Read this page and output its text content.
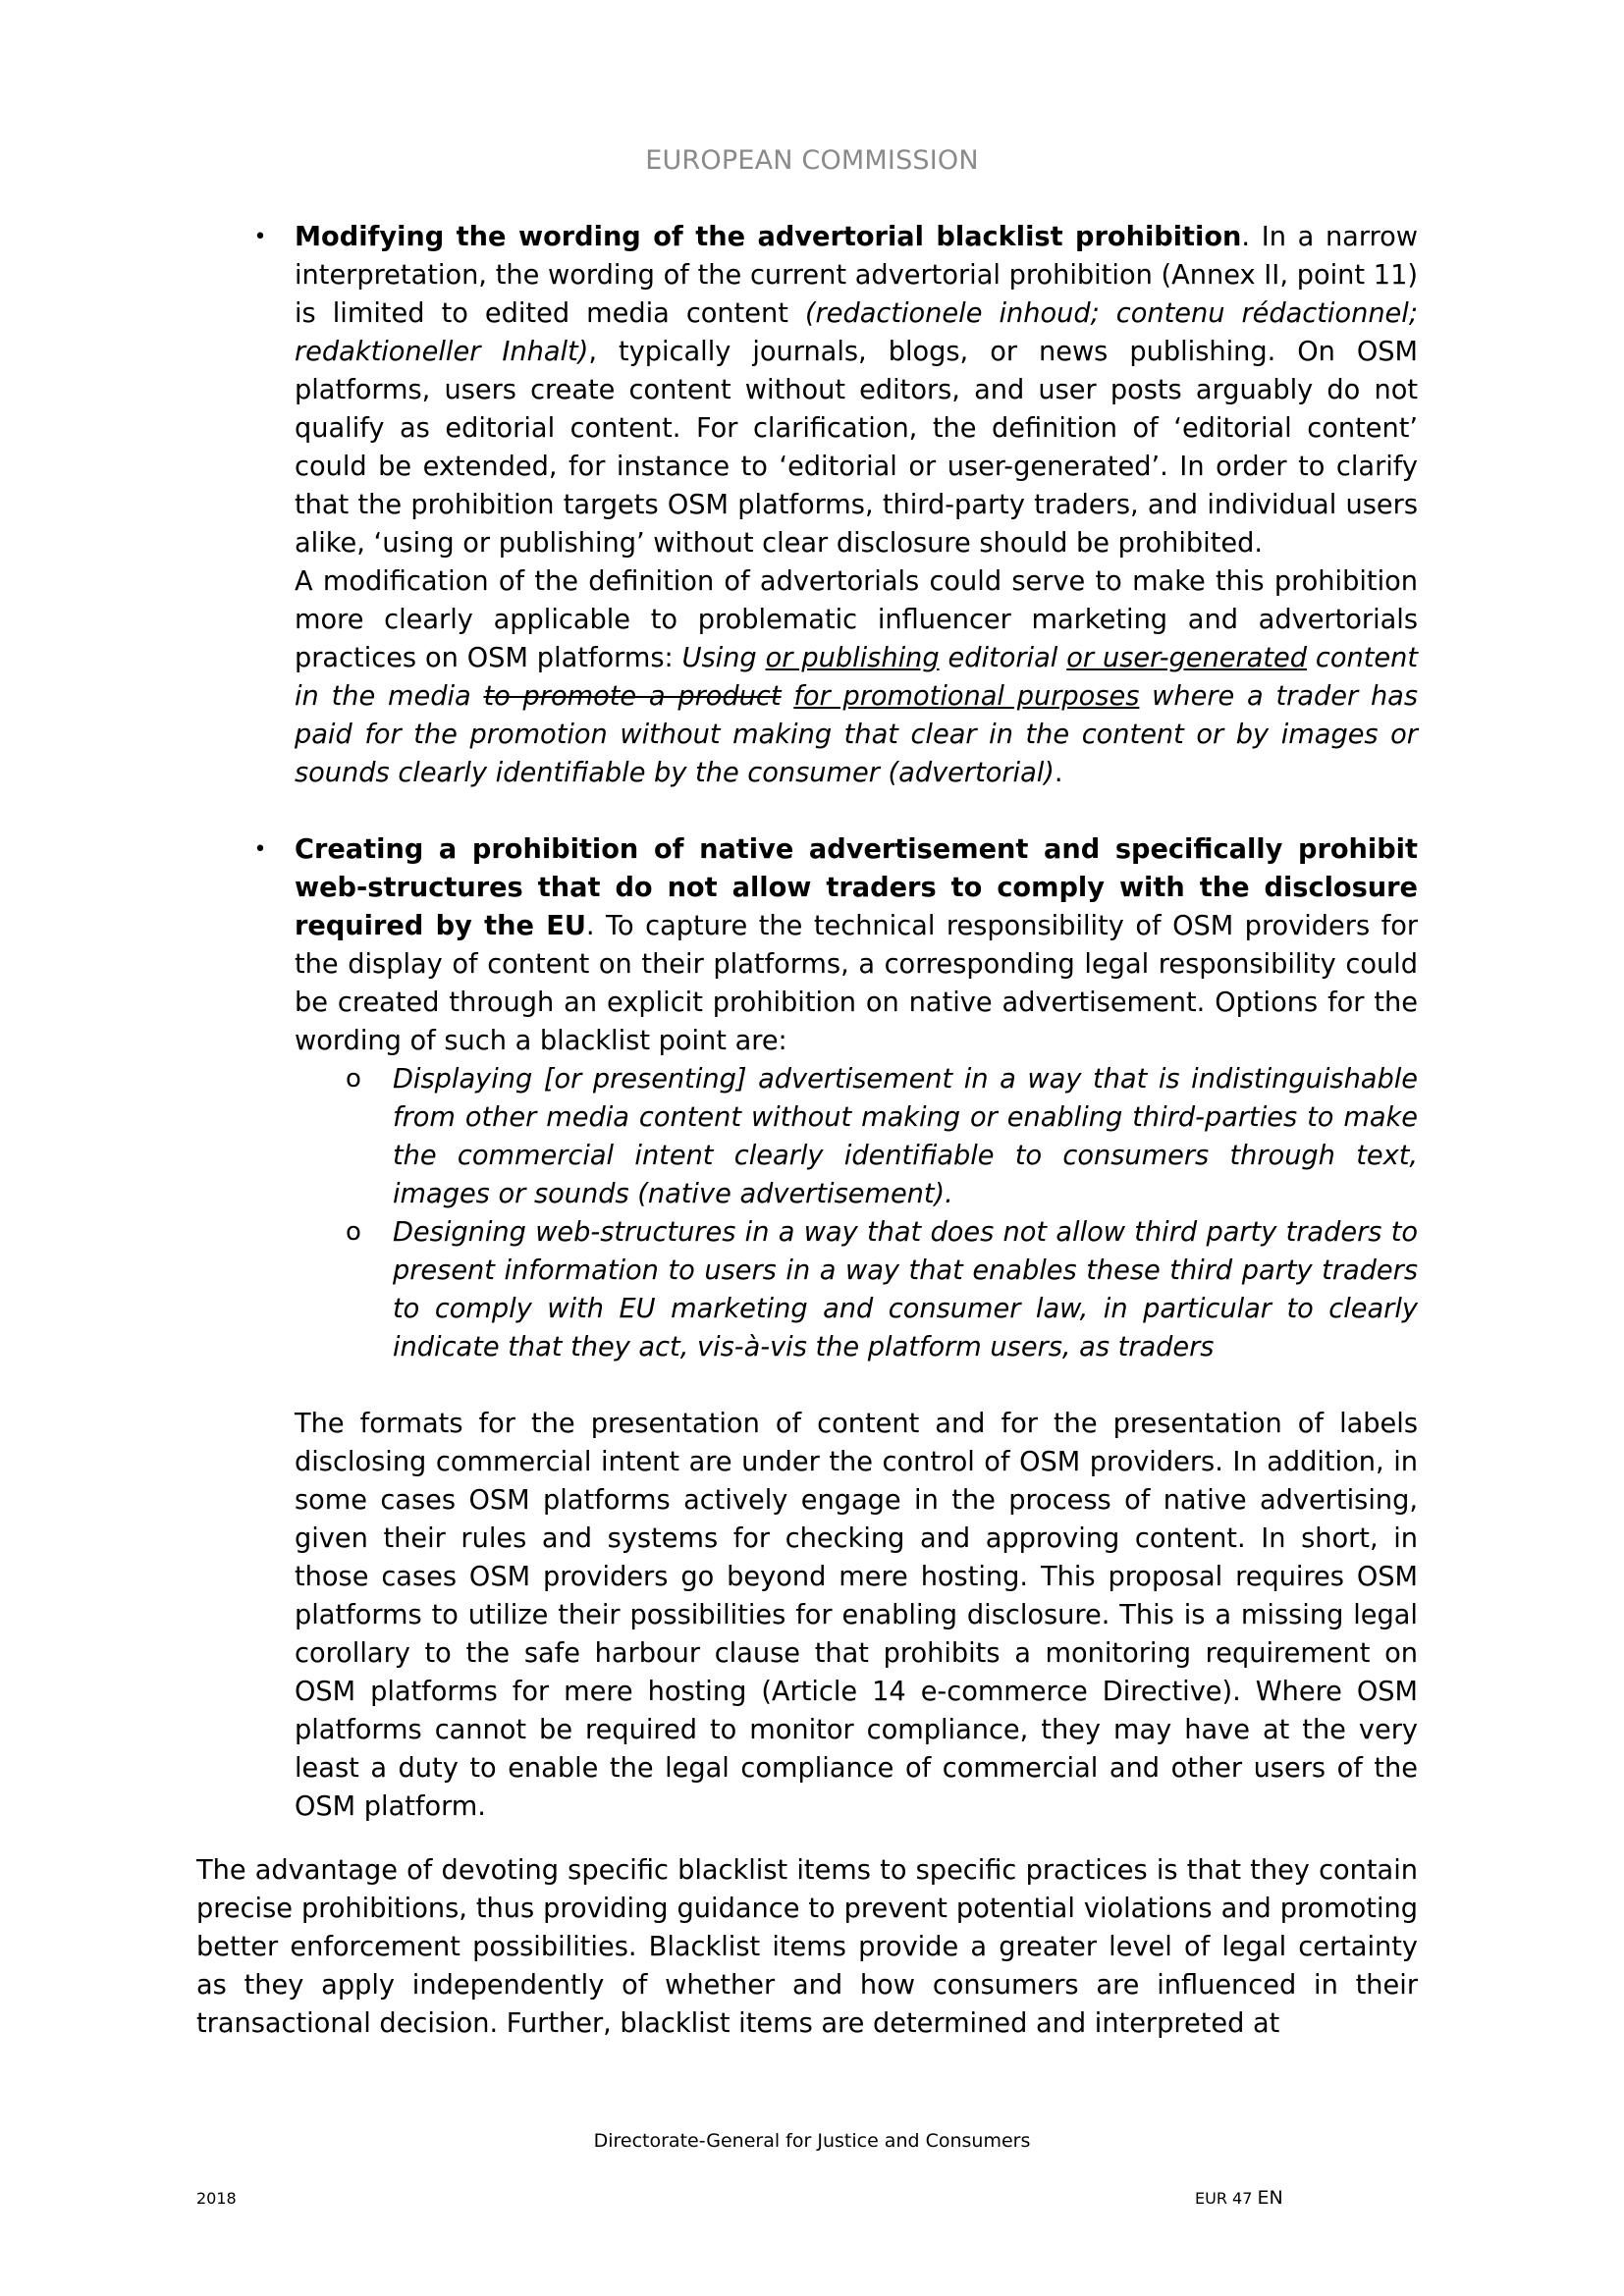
EUROPEAN COMMISSION
•	Modifying the wording of the advertorial blacklist prohibition. In a narrow interpretation, the wording of the current advertorial prohibition (Annex II, point 11) is limited to edited media content (redactionele inhoud; contenu rédactionnel; redaktioneller Inhalt), typically journals, blogs, or news publishing. On OSM platforms, users create content without editors, and user posts arguably do not qualify as editorial content. For clarification, the definition of ‘editorial content’ could be extended, for instance to ‘editorial or user-generated’. In order to clarify that the prohibition targets OSM platforms, third-party traders, and individual users alike, ‘using or publishing’ without clear disclosure should be prohibited.

A modification of the definition of advertorials could serve to make this prohibition more clearly applicable to problematic influencer marketing and advertorials practices on OSM platforms: Using or publishing editorial or user-generated content in the media to promote a product for promotional purposes where a trader has paid for the promotion without making that clear in the content or by images or sounds clearly identifiable by the consumer (advertorial).

•	Creating a prohibition of native advertisement and specifically prohibit web-structures that do not allow traders to comply with the disclosure required by the EU. To capture the technical responsibility of OSM providers for the display of content on their platforms, a corresponding legal responsibility could be created through an explicit prohibition on native advertisement. Options for the wording of such a blacklist point are:

o Displaying [or presenting] advertisement in a way that is indistinguishable from other media content without making or enabling third-parties to make the commercial intent clearly identifiable to consumers through text, images or sounds (native advertisement).

o Designing web-structures in a way that does not allow third party traders to present information to users in a way that enables these third party traders to comply with EU marketing and consumer law, in particular to clearly indicate that they act, vis-à-vis the platform users, as traders

The formats for the presentation of content and for the presentation of labels disclosing commercial intent are under the control of OSM providers. In addition, in some cases OSM platforms actively engage in the process of native advertising, given their rules and systems for checking and approving content. In short, in those cases OSM providers go beyond mere hosting. This proposal requires OSM platforms to utilize their possibilities for enabling disclosure. This is a missing legal corollary to the safe harbour clause that prohibits a monitoring requirement on OSM platforms for mere hosting (Article 14 e-commerce Directive). Where OSM platforms cannot be required to monitor compliance, they may have at the very least a duty to enable the legal compliance of commercial and other users of the OSM platform.

The advantage of devoting specific blacklist items to specific practices is that they contain precise prohibitions, thus providing guidance to prevent potential violations and promoting better enforcement possibilities. Blacklist items provide a greater level of legal certainty as they apply independently of whether and how consumers are influenced in their transactional decision. Further, blacklist items are determined and interpreted at

Directorate-General for Justice and Consumers
2018	EUR 47 EN
